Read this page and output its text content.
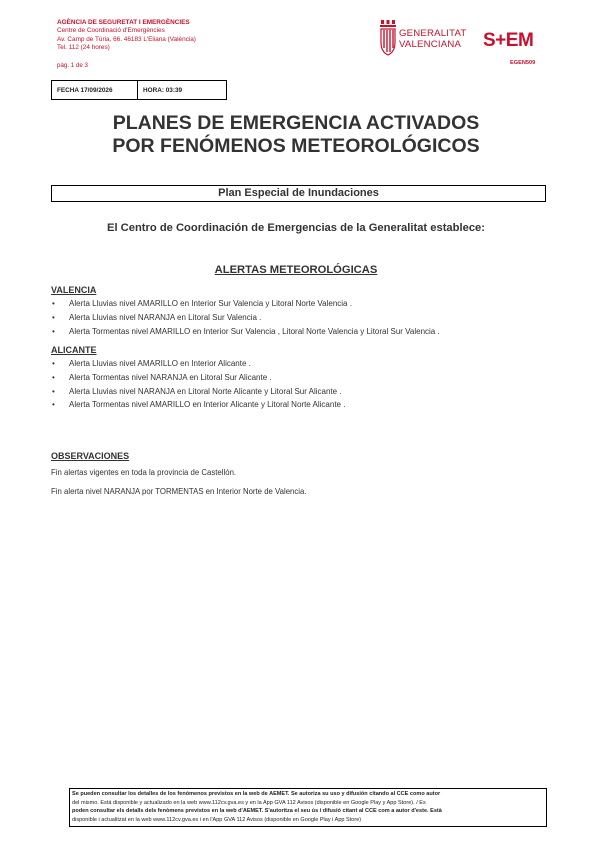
AGÈNCIA DE SEGURETAT I EMERGÈNCIES
Centre de Coordinació d'Emergències
Av. Camp de Túria, 66. 46183 L'Eliana (València)
Tel. 112 (24 hores)
pàg. 1 de 3
GENERALITAT
VALENCIANA S+EM
EGEN509
FECHA 17/09/2026	HORA: 03:39
PLANES DE EMERGENCIA ACTIVADOS
POR FENÓMENOS METEOROLÓGICOS
Plan Especial de Inundaciones
El Centro de Coordinación de Emergencias de la Generalitat establece:
ALERTAS METEOROLÓGICAS
VALENCIA
• Alerta Lluvias nivel AMARILLO en Interior Sur Valencia y Litoral Norte Valencia .
• Alerta Lluvias nivel NARANJA en Litoral Sur Valencia .
• Alerta Tormentas nivel AMARILLO en Interior Sur Valencia , Litoral Norte Valencia y Litoral Sur Valencia .
ALICANTE
• Alerta Lluvias nivel AMARILLO en Interior Alicante .
• Alerta Tormentas nivel NARANJA en Litoral Sur Alicante .
• Alerta Lluvias nivel NARANJA en Litoral Norte Alicante y Litoral Sur Alicante .
• Alerta Tormentas nivel AMARILLO en Interior Alicante y Litoral Norte Alicante .
OBSERVACIONES
Fin alertas vigentes en toda la provincia de Castellón.
Fin alerta nivel NARANJA por TORMENTAS en Interior Norte de Valencia.
Se pueden consultar los detalles de los fenómenos previstos en la web de AEMET. Se autoriza su uso y difusión citando al CCE como autor
del mismo. Está disponible y actualizado en la web www.112cv.gva.es y en la App GVA 112 Avisos (disponible en Google Play y App Store). / Es
poden consultar els detalls dels fenòmens previstos en la web d'AEMET. S'autoritza el seu ús i difusió citant al CCE com a autor d'este. Està
disponible i actualitzat en la web www.112cv.gva.es i en l'App GVA 112 Avisos (disponible en Google Play i App Store)
